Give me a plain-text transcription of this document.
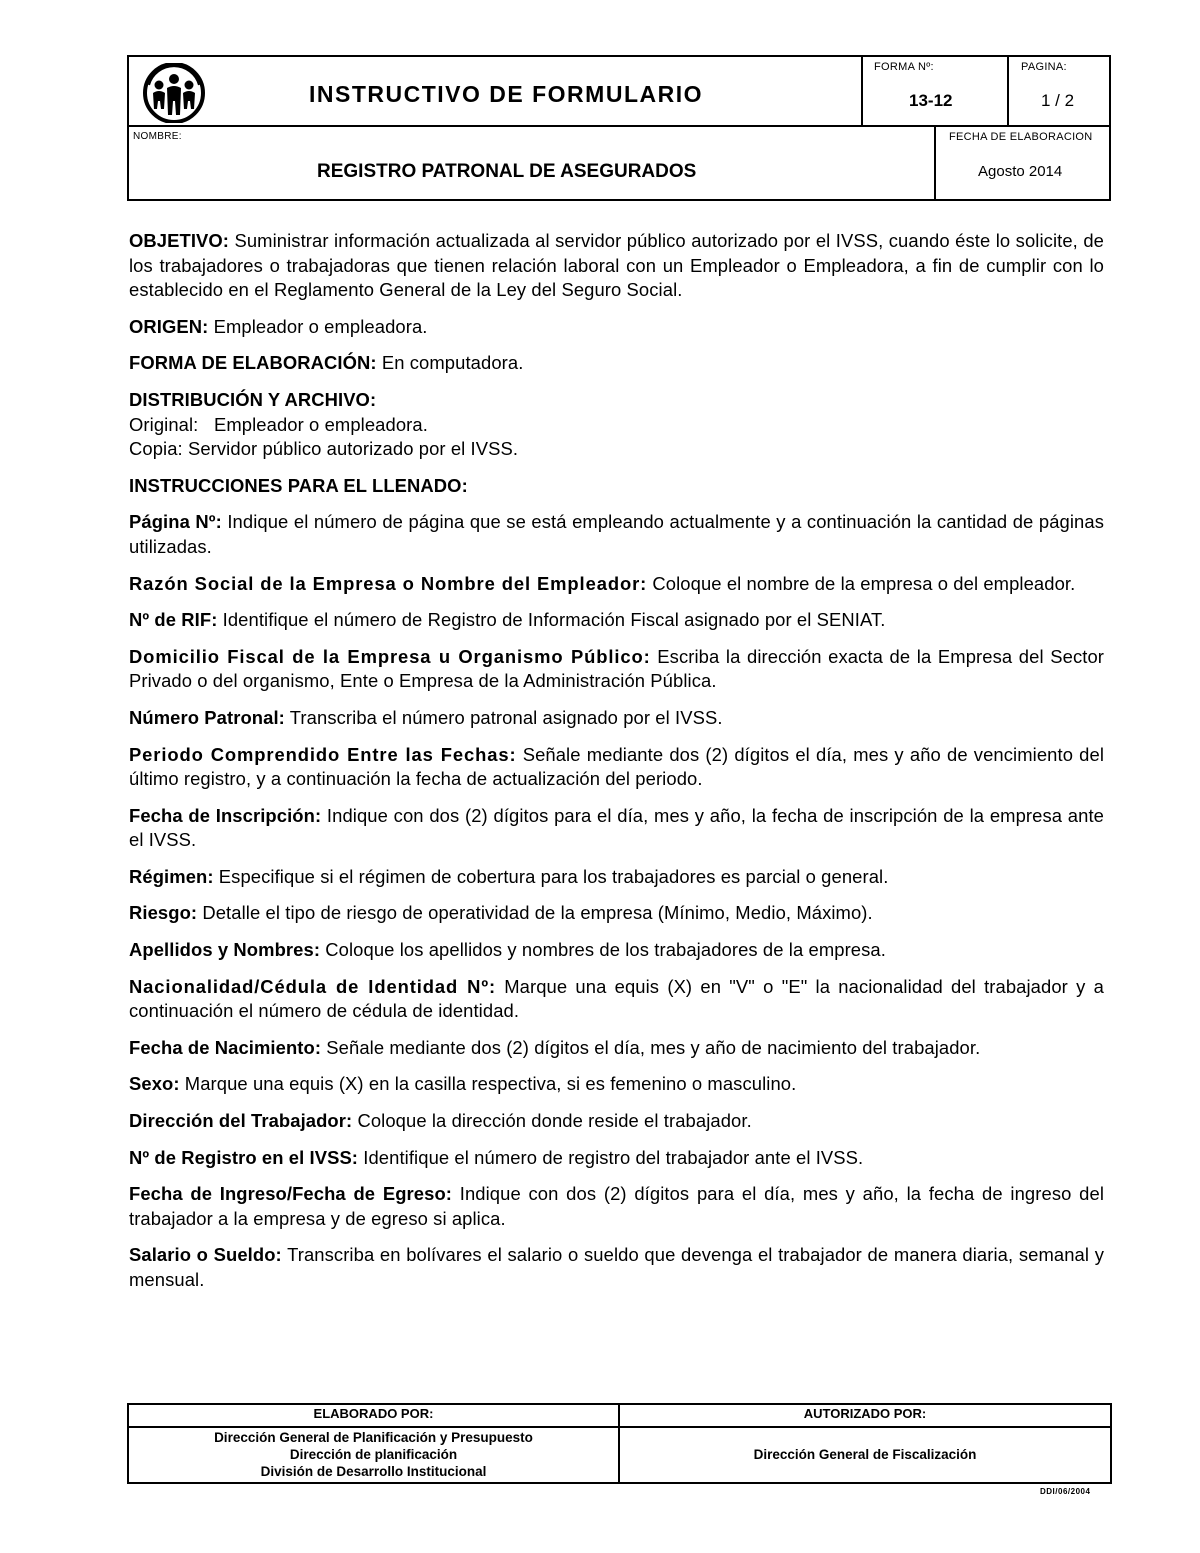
INSTRUCTIVO DE FORMULARIO
FORMA Nº:
13-12
PAGINA:
1 / 2
NOMBRE:
REGISTRO PATRONAL DE ASEGURADOS
FECHA DE ELABORACION
Agosto 2014

OBJETIVO: Suministrar información actualizada al servidor público autorizado por el IVSS, cuando éste lo solicite, de los trabajadores o trabajadoras que tienen relación laboral con un Empleador o Empleadora, a fin de cumplir con lo establecido en el Reglamento General de la Ley del Seguro Social.

ORIGEN: Empleador o empleadora.

FORMA DE ELABORACIÓN: En computadora.

DISTRIBUCIÓN Y ARCHIVO:

Original:   Empleador o empleadora.

Copia: Servidor público autorizado por el IVSS.

INSTRUCCIONES PARA EL LLENADO:

Página Nº: Indique el número de página que se está empleando actualmente y a continuación la cantidad de páginas utilizadas.

Razón Social de la Empresa o Nombre del Empleador: Coloque el nombre de la empresa o del empleador.

Nº de RIF: Identifique el número de Registro de Información Fiscal asignado por el SENIAT.

Domicilio Fiscal de la Empresa u Organismo Público: Escriba la dirección exacta de la Empresa del Sector Privado o del organismo, Ente o Empresa de la Administración Pública.

Número Patronal: Transcriba el número patronal asignado por el IVSS.

Periodo Comprendido Entre las Fechas: Señale mediante dos (2) dígitos el día, mes y año de vencimiento del último registro, y a continuación la fecha de actualización del periodo.

Fecha de Inscripción: Indique con dos (2) dígitos para el día, mes y año, la fecha de inscripción de la empresa ante el IVSS.

Régimen: Especifique si el régimen de cobertura para los trabajadores es parcial o general.

Riesgo: Detalle el tipo de riesgo de operatividad de la empresa (Mínimo, Medio, Máximo).

Apellidos y Nombres: Coloque los apellidos y nombres de los trabajadores de la empresa.

Nacionalidad/Cédula de Identidad Nº: Marque una equis (X) en "V" o "E" la nacionalidad del trabajador y a continuación el número de cédula de identidad.

Fecha de Nacimiento: Señale mediante dos (2) dígitos el día, mes y año de nacimiento del trabajador.

Sexo: Marque una equis (X) en la casilla respectiva, si es femenino o masculino.

Dirección del Trabajador: Coloque la dirección donde reside el trabajador.

Nº de Registro en el IVSS: Identifique el número de registro del trabajador ante el IVSS.

Fecha de Ingreso/Fecha de Egreso: Indique con dos (2) dígitos para el día, mes y año, la fecha de ingreso del trabajador a la empresa y de egreso si aplica.

Salario o Sueldo: Transcriba en bolívares el salario o sueldo que devenga el trabajador de manera diaria, semanal y mensual.

ELABORADO POR:	AUTORIZADO POR:
Dirección General de Planificación y Presupuesto
Dirección de planificación
División de Desarrollo Institucional
Dirección General de Fiscalización
DDI/06/2004
